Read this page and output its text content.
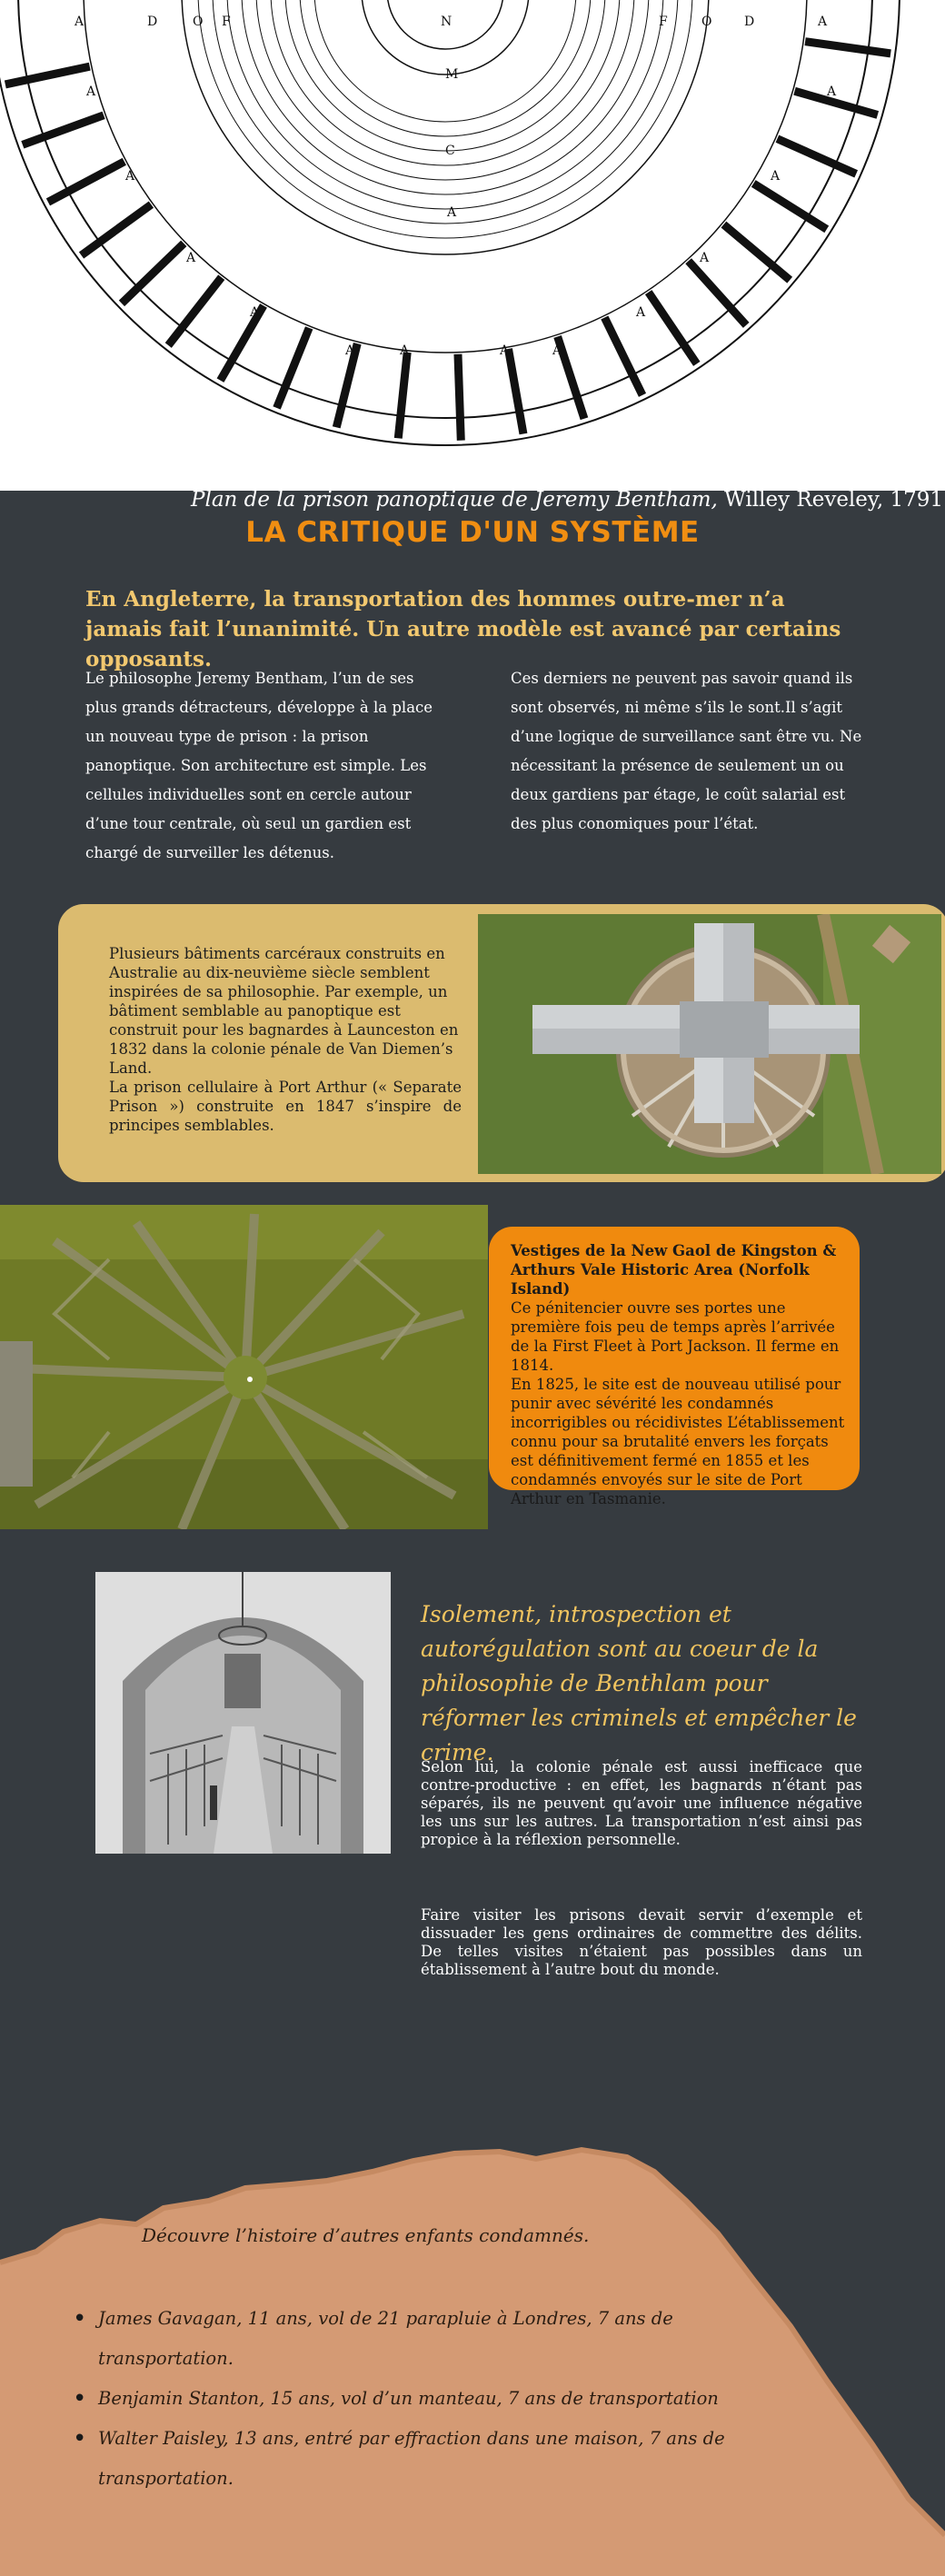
A	D	O F	N	F	O	D	A
M
C
A
A	A
A	A
A	A
A	A
A	A	A	A
Plan de la prison panoptique de Jeremy Bentham, Willey Reveley, 1791
LA CRITIQUE D'UN SYSTÈME

En Angleterre, la transportation des hommes outre-mer n’a jamais fait l’unanimité. Un autre modèle est avancé par certains opposants.

Le philosophe Jeremy Bentham, l’un de ses plus grands détracteurs, développe à la place un nouveau type de prison : la prison panoptique. Son architecture est simple. Les cellules individuelles sont en cercle autour d’une tour centrale, où seul un gardien est chargé de surveiller les détenus.

Ces derniers ne peuvent pas savoir quand ils sont observés, ni même s’ils le sont.Il s’agit d’une logique de surveillance sant être vu. Ne nécessitant la présence de seulement un ou deux gardiens par étage, le coût salarial est des plus conomiques pour l’état.

Plusieurs bâtiments carcéraux construits en Australie au dix-neuvième siècle semblent inspirées de sa philosophie. Par exemple, un bâtiment semblable au panoptique est construit pour les bagnardes à Launceston en 1832 dans la colonie pénale de Van Diemen’s Land.

La prison cellulaire à Port Arthur (« Separate Prison ») construite en 1847 s’inspire de principes semblables.

Vestiges de la New Gaol de Kingston & Arthurs Vale Historic Area (Norfolk Island)

Ce pénitencier ouvre ses portes une première fois peu de temps après l’arrivée de la First Fleet à Port Jackson. Il ferme en 1814.

En 1825, le site est de nouveau utilisé pour punir avec sévérité les condamnés incorrigibles ou récidivistes L’établissement connu pour sa brutalité envers les forçats est définitivement fermé en 1855 et les condamnés envoyés sur le site de Port Arthur en Tasmanie.

Isolement, introspection et autorégulation sont au coeur de la philosophie de Benthlam pour réformer les criminels et empêcher le crime.

Selon lui, la colonie pénale est aussi inefficace que contre-productive : en effet, les bagnards n’étant pas séparés, ils ne peuvent qu’avoir une influence négative les uns sur les autres. La transportation n’est ainsi pas propice à la réflexion personnelle.

Faire visiter les prisons devait servir d’exemple et dissuader les gens ordinaires de commettre des délits. De telles visites n’étaient pas possibles dans un établissement à l’autre bout du monde.

Découvre l’histoire d’autres enfants condamnés.
• James Gavagan, 11 ans, vol de 21 parapluie à Londres, 7 ans de transportation.
• Benjamin Stanton, 15 ans, vol d’un manteau, 7 ans de transportation
• Walter Paisley, 13 ans, entré par effraction dans une maison, 7 ans de transportation.
